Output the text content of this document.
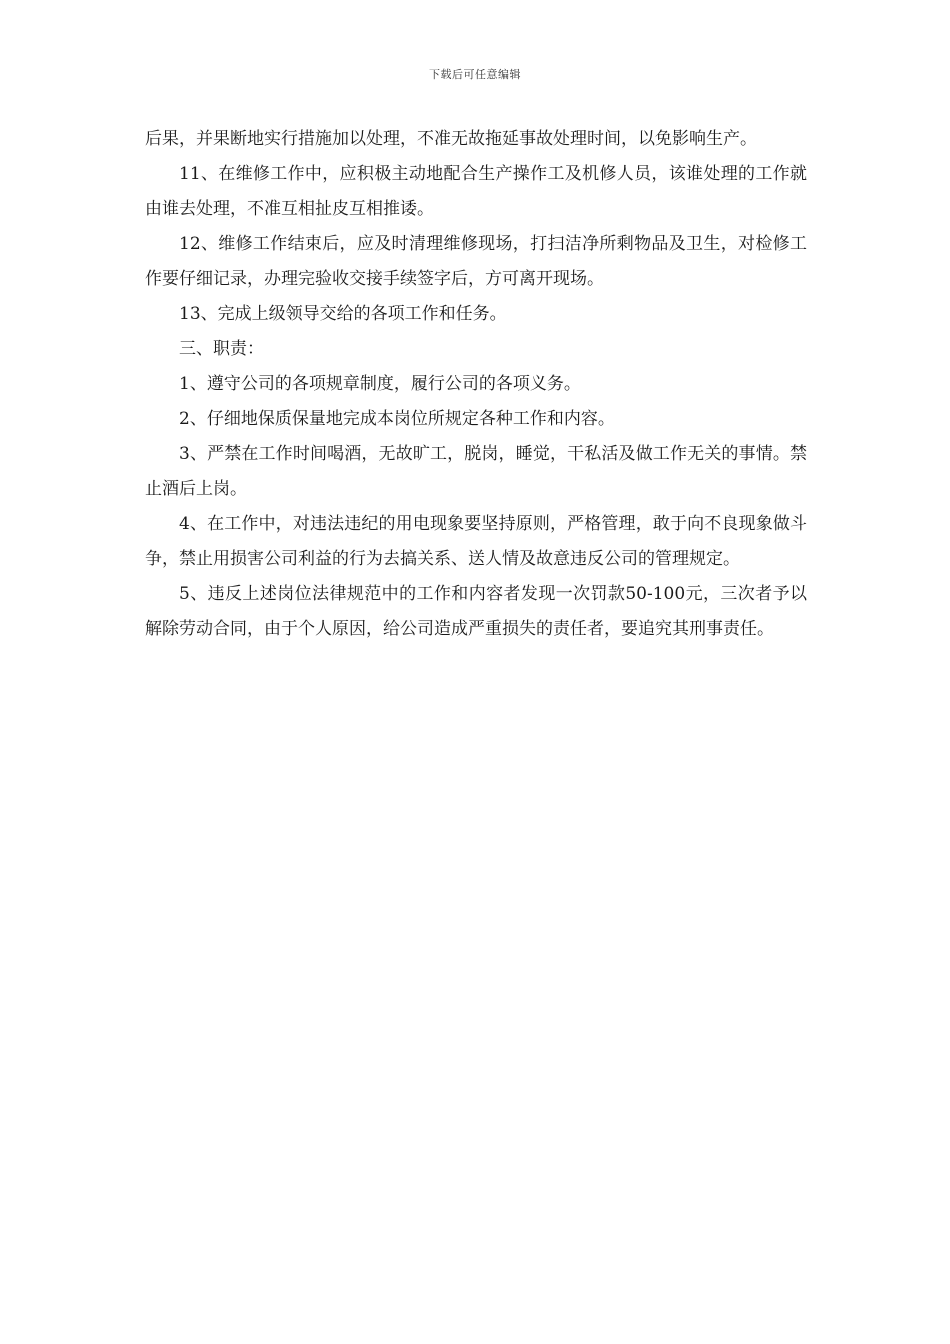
下载后可任意编辑

后果，并果断地实行措施加以处理，不准无故拖延事故处理时间，以免影响生产。

11、在维修工作中，应积极主动地配合生产操作工及机修人员，该谁处理的工作就由谁去处理，不准互相扯皮互相推诿。

12、维修工作结束后，应及时清理维修现场，打扫洁净所剩物品及卫生，对检修工作要仔细记录，办理完验收交接手续签字后，方可离开现场。

13、完成上级领导交给的各项工作和任务。

三、职责：

1、遵守公司的各项规章制度，履行公司的各项义务。

2、仔细地保质保量地完成本岗位所规定各种工作和内容。

3、严禁在工作时间喝酒，无故旷工，脱岗，睡觉，干私活及做工作无关的事情。禁止酒后上岗。

4、在工作中，对违法违纪的用电现象要坚持原则，严格管理，敢于向不良现象做斗争，禁止用损害公司利益的行为去搞关系、送人情及故意违反公司的管理规定。

5、违反上述岗位法律规范中的工作和内容者发现一次罚款50-100元，三次者予以解除劳动合同，由于个人原因，给公司造成严重损失的责任者，要追究其刑事责任。
